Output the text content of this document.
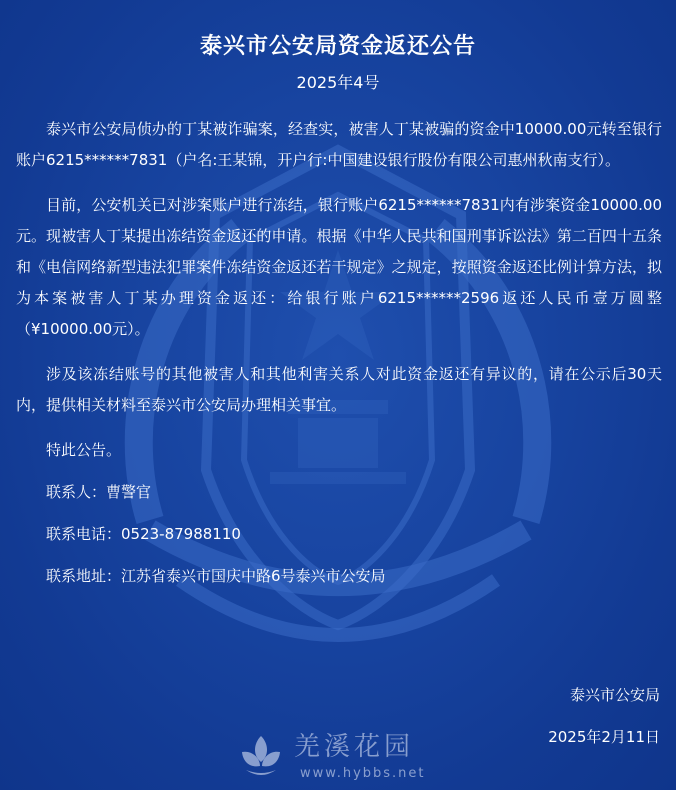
泰兴市公安局资金返还公告
2025年4号

泰兴市公安局侦办的丁某被诈骗案，经查实，被害人丁某被骗的资金中10000.00元转至银行账户6215******7831（户名:王某锦，开户行:中国建设银行股份有限公司惠州秋南支行）。

目前，公安机关已对涉案账户进行冻结，银行账户6215******7831内有涉案资金10000.00元。现被害人丁某提出冻结资金返还的申请。根据《中华人民共和国刑事诉讼法》第二百四十五条和《电信网络新型违法犯罪案件冻结资金返还若干规定》之规定，按照资金返还比例计算方法，拟为本案被害人丁某办理资金返还：给银行账户6215******2596返还人民币壹万圆整（¥10000.00元）。

涉及该冻结账号的其他被害人和其他利害关系人对此资金返还有异议的，请在公示后30天内，提供相关材料至泰兴市公安局办理相关事宜。

特此公告。

联系人：曹警官

联系电话：0523-87988110

联系地址：江苏省泰兴市国庆中路6号泰兴市公安局

泰兴市公安局
2025年2月11日
羌溪花园
www.hybbs.net
